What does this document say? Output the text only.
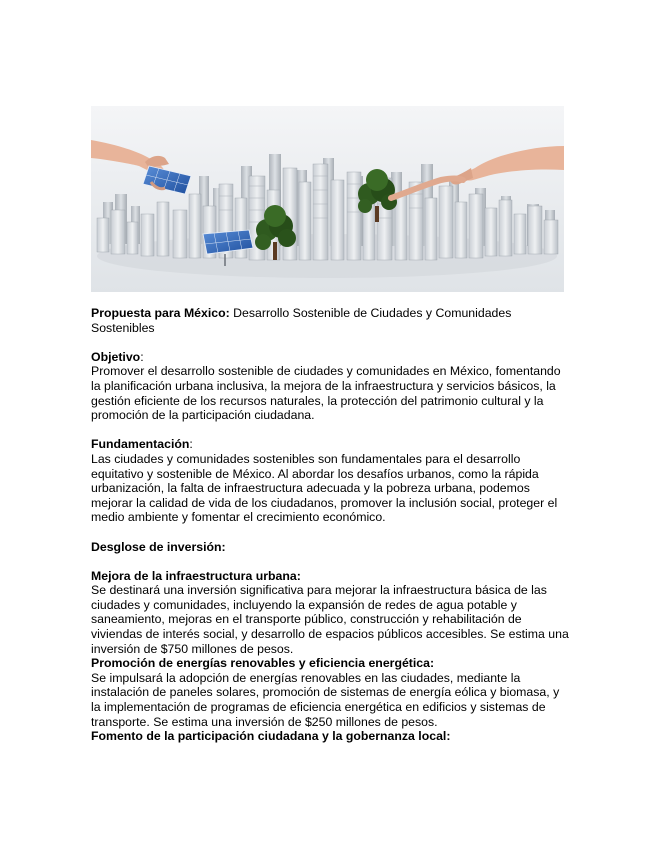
Propuesta para México: Desarrollo Sostenible de Ciudades y Comunidades Sostenibles

Objetivo:

Promover el desarrollo sostenible de ciudades y comunidades en México, fomentando la planificación urbana inclusiva, la mejora de la infraestructura y servicios básicos, la gestión eficiente de los recursos naturales, la protección del patrimonio cultural y la promoción de la participación ciudadana.

Fundamentación:

Las ciudades y comunidades sostenibles son fundamentales para el desarrollo equitativo y sostenible de México. Al abordar los desafíos urbanos, como la rápida urbanización, la falta de infraestructura adecuada y la pobreza urbana, podemos mejorar la calidad de vida de los ciudadanos, promover la inclusión social, proteger el medio ambiente y fomentar el crecimiento económico.

Desglose de inversión:

Mejora de la infraestructura urbana:

Se destinará una inversión significativa para mejorar la infraestructura básica de las ciudades y comunidades, incluyendo la expansión de redes de agua potable y saneamiento, mejoras en el transporte público, construcción y rehabilitación de viviendas de interés social, y desarrollo de espacios públicos accesibles. Se estima una inversión de $750 millones de pesos.

Promoción de energías renovables y eficiencia energética:

Se impulsará la adopción de energías renovables en las ciudades, mediante la instalación de paneles solares, promoción de sistemas de energía eólica y biomasa, y la implementación de programas de eficiencia energética en edificios y sistemas de transporte. Se estima una inversión de $250 millones de pesos.

Fomento de la participación ciudadana y la gobernanza local:
